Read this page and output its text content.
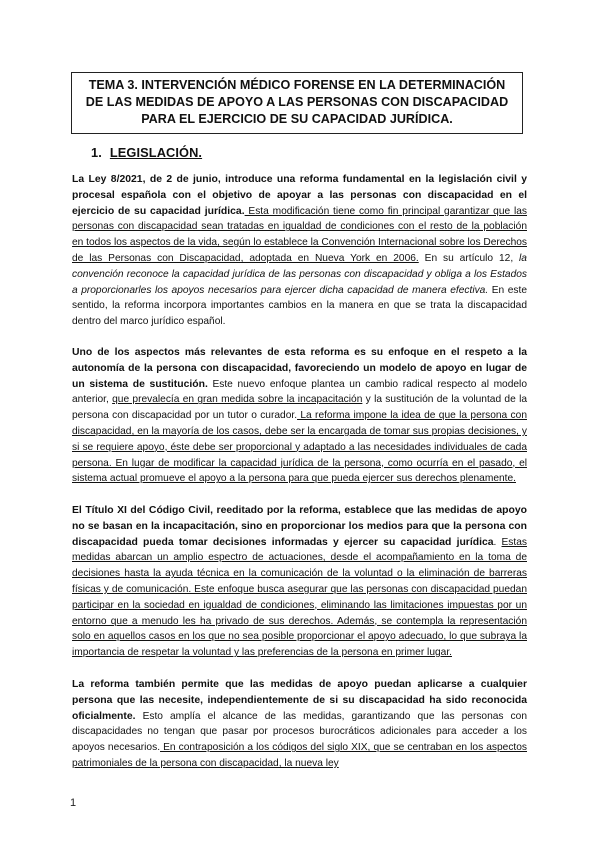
TEMA 3. INTERVENCIÓN MÉDICO FORENSE EN LA DETERMINACIÓN
DE LAS MEDIDAS DE APOYO A LAS PERSONAS CON DISCAPACIDAD
PARA EL EJERCICIO DE SU CAPACIDAD JURÍDICA.
1. LEGISLACIÓN.
La Ley 8/2021, de 2 de junio, introduce una reforma fundamental en la legislación civil y procesal española con el objetivo de apoyar a las personas con discapacidad en el ejercicio de su capacidad jurídica. Esta modificación tiene como fin principal garantizar que las personas con discapacidad sean tratadas en igualdad de condiciones con el resto de la población en todos los aspectos de la vida, según lo establece la Convención Internacional sobre los Derechos de las Personas con Discapacidad, adoptada en Nueva York en 2006. En su artículo 12, la convención reconoce la capacidad jurídica de las personas con discapacidad y obliga a los Estados a proporcionarles los apoyos necesarios para ejercer dicha capacidad de manera efectiva. En este sentido, la reforma incorpora importantes cambios en la manera en que se trata la discapacidad dentro del marco jurídico español.
Uno de los aspectos más relevantes de esta reforma es su enfoque en el respeto a la autonomía de la persona con discapacidad, favoreciendo un modelo de apoyo en lugar de un sistema de sustitución. Este nuevo enfoque plantea un cambio radical respecto al modelo anterior, que prevalecía en gran medida sobre la incapacitación y la sustitución de la voluntad de la persona con discapacidad por un tutor o curador. La reforma impone la idea de que la persona con discapacidad, en la mayoría de los casos, debe ser la encargada de tomar sus propias decisiones, y si se requiere apoyo, éste debe ser proporcional y adaptado a las necesidades individuales de cada persona. En lugar de modificar la capacidad jurídica de la persona, como ocurría en el pasado, el sistema actual promueve el apoyo a la persona para que pueda ejercer sus derechos plenamente.
El Título XI del Código Civil, reeditado por la reforma, establece que las medidas de apoyo no se basan en la incapacitación, sino en proporcionar los medios para que la persona con discapacidad pueda tomar decisiones informadas y ejercer su capacidad jurídica. Estas medidas abarcan un amplio espectro de actuaciones, desde el acompañamiento en la toma de decisiones hasta la ayuda técnica en la comunicación de la voluntad o la eliminación de barreras físicas y de comunicación. Este enfoque busca asegurar que las personas con discapacidad puedan participar en la sociedad en igualdad de condiciones, eliminando las limitaciones impuestas por un entorno que a menudo les ha privado de sus derechos. Además, se contempla la representación solo en aquellos casos en los que no sea posible proporcionar el apoyo adecuado, lo que subraya la importancia de respetar la voluntad y las preferencias de la persona en primer lugar.
La reforma también permite que las medidas de apoyo puedan aplicarse a cualquier persona que las necesite, independientemente de si su discapacidad ha sido reconocida oficialmente. Esto amplía el alcance de las medidas, garantizando que las personas con discapacidades no tengan que pasar por procesos burocráticos adicionales para acceder a los apoyos necesarios. En contraposición a los códigos del siglo XIX, que se centraban en los aspectos patrimoniales de la persona con discapacidad, la nueva ley
1
